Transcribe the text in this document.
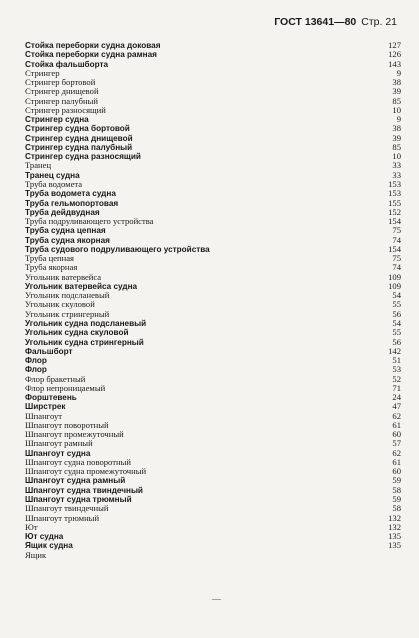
ГОСТ 13641—80 Стр. 21
Стойка переборки судна доковая	127
Стойка переборки судна рамная	126
Стойка фальшборта	143
Стрингер	9
Стрингер бортовой	38
Стрингер днищевой	39
Стрингер палубный	85
Стрингер разносящий	10
Стрингер судна	9
Стрингер судна бортовой	38
Стрингер судна днищевой	39
Стрингер судна палубный	85
Стрингер судна разносящий	10
Транец	33
Транец судна	33
Труба водомета	153
Труба водомета судна	153
Труба гельмопортовая	155
Труба дейдвудная	152
Труба подруливающего устройства	154
Труба судна цепная	75
Труба судна якорная	74
Труба судового подруливающего устройства	154
Труба цепная	75
Труба якорная	74
Угольник ватервейса	109
Угольник ватервейса судна	109
Угольник подсланевый	54
Угольник скуловой	55
Угольник стрингерный	56
Угольник судна подсланевый	54
Угольник судна скуловой	55
Угольник судна стрингерный	56
Фальшборт	142
Флор	51
Флор	53
Флор бракетный	52
Флор непроницаемый	71
Форштевень	24
Ширстрек	47
Шпангоут	62
Шпангоут поворотный	61
Шпангоут промежуточный	60
Шпангоут рамный	57
Шпангоут судна	62
Шпангоут судна поворотный	61
Шпангоут судна промежуточный	60
Шпангоут судна рамный	59
Шпангоут судна твиндечный	58
Шпангоут судна трюмный	59
Шпангоут твиндечный	58
Шпангоут трюмный	132
Ют	132
Ют судна	135
Ящик судна	135
Ящик
—
